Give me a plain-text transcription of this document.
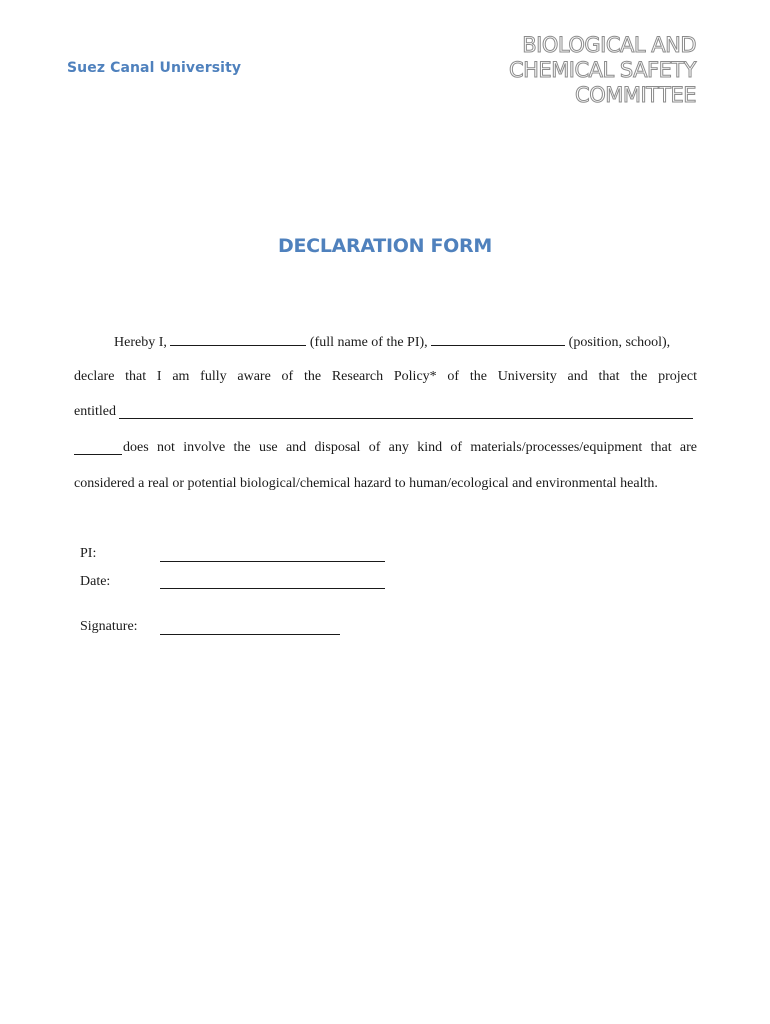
Suez Canal University
BIOLOGICAL AND
CHEMICAL SAFETY
COMMITTEE
DECLARATION FORM
Hereby I,	(full name of the PI),	(position, school),
declare that I am fully aware of the Research Policy* of the University and that the project
entitled
does not involve the use and disposal of any kind of materials/processes/equipment that are
considered a real or potential biological/chemical hazard to human/ecological and environmental health.
PI:
Date:
Signature:
